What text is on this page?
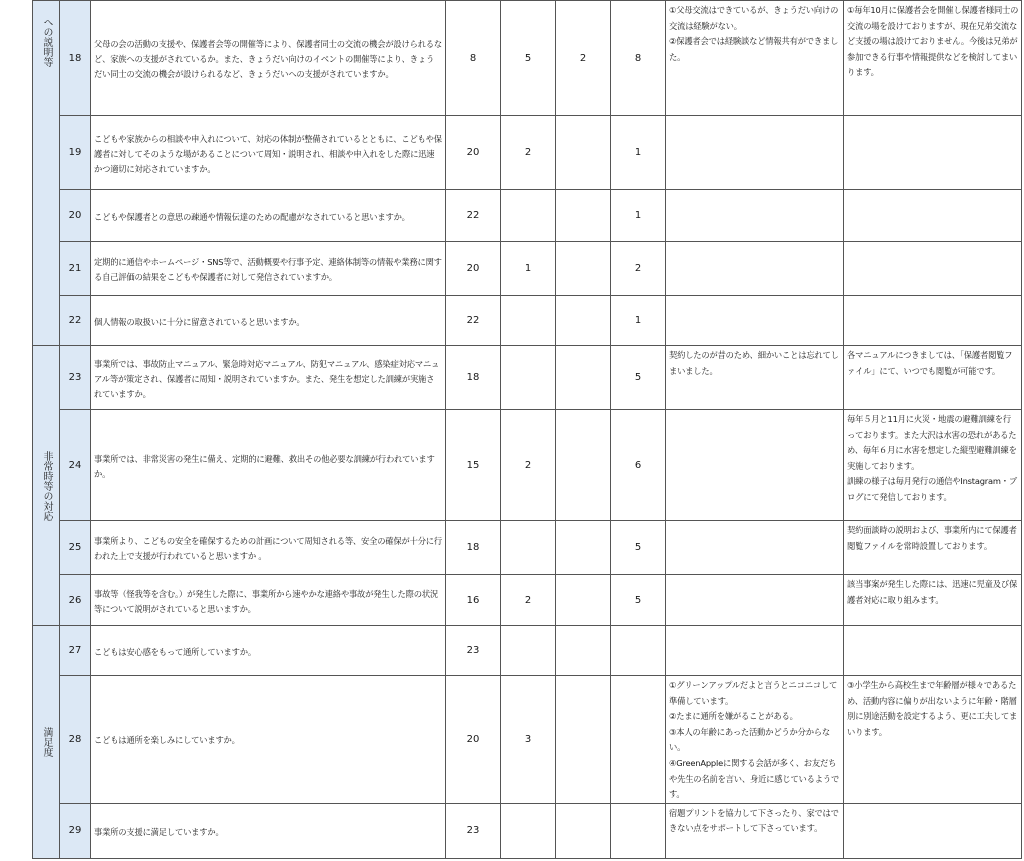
への説明等	18	父母の会の活動の支援や、保護者会等の開催等により、保護者同士の交流の機会が設けられるなど、家族への支援がされているか。また、きょうだい向けのイベントの開催等により、きょうだい同士の交流の機会が設けられるなど、きょうだいへの支援がされていますか。	8	5	2	8	①父母交流はできているが、きょうだい向けの交流は経験がない。
②保護者会では経験談など情報共有ができました。	①毎年10月に保護者会を開催し保護者様同士の交流の場を設けておりますが、現在兄弟交流など支援の場は設けておりません。今後は兄弟が参加できる行事や情報提供などを検討してまいります。
	19	こどもや家族からの相談や申入れについて、対応の体制が整備されているとともに、こどもや保護者に対してそのような場があることについて周知・説明され、相談や申入れをした際に迅速かつ適切に対応されていますか。	20	2		1		
	20	こどもや保護者との意思の疎通や情報伝達のための配慮がなされていると思いますか。	22			1		
	21	定期的に通信やホームページ・SNS等で、活動概要や行事予定、連絡体制等の情報や業務に関する自己評価の結果をこどもや保護者に対して発信されていますか。	20	1		2		
	22	個人情報の取扱いに十分に留意されていると思いますか。	22			1		

非常時等の対応	23	事業所では、事故防止マニュアル、緊急時対応マニュアル、防犯マニュアル、感染症対応マニュアル等が策定され、保護者に周知・説明されていますか。また、発生を想定した訓練が実施されていますか。	18			5	契約したのが昔のため、細かいことは忘れてしまいました。	各マニュアルにつきましては、「保護者閲覧ファイル」にて、いつでも閲覧が可能です。
	24	事業所では、非常災害の発生に備え、定期的に避難、救出その他必要な訓練が行われていますか。	15	2		6		毎年５月と11月に火災・地震の避難訓練を行っております。また大沢は水害の恐れがあるため、毎年６月に水害を想定した縦型避難訓練を実施しております。
訓練の様子は毎月発行の通信やInstagram・ブログにて発信しております。
	25	事業所より、こどもの安全を確保するための計画について周知される等、安全の確保が十分に行われた上で支援が行われていると思いますか 。	18			5		契約面談時の説明および、事業所内にて保護者閲覧ファイルを常時設置しております。
	26	事故等（怪我等を含む。）が発生した際に、事業所から速やかな連絡や事故が発生した際の状況等について説明がされていると思いますか。	16	2		5		該当事案が発生した際には、迅速に児童及び保護者対応に取り組みます。

満足度	27	こどもは安心感をもって通所していますか。	23					
	28	こどもは通所を楽しみにしていますか。	20	3			①グリーンアップルだよと言うとニコニコして準備しています。
②たまに通所を嫌がることがある。
③本人の年齢にあった活動かどうか分からない。
④GreenAppleに関する会話が多く、お友だちや先生の名前を言い、身近に感じているようです。	③小学生から高校生まで年齢層が様々であるため、活動内容に偏りが出ないように年齢・階層別に別途活動を設定するよう、更に工夫してまいります。
	29	事業所の支援に満足していますか。	23				宿題プリントを協力して下さったり、家ではできない点をサポートして下さっています。	
